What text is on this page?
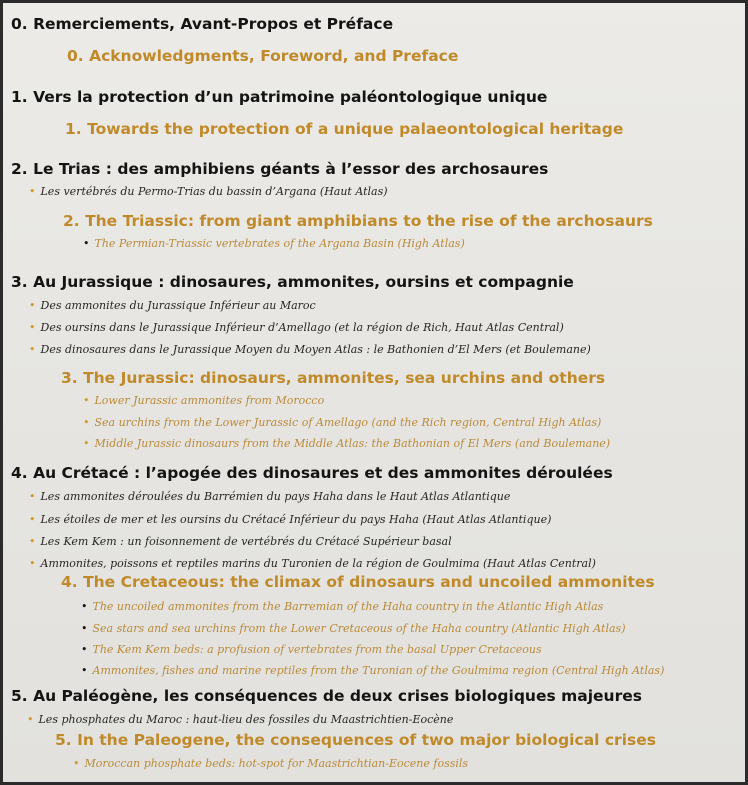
0. Remerciements, Avant-Propos et Préface
0. Acknowledgments, Foreword, and Preface
1. Vers la protection d’un patrimoine paléontologique unique
1. Towards the protection of a unique palaeontological heritage
2. Le Trias : des amphibiens géants à l’essor des archosaures
• Les vertébrés du Permo-Trias du bassin d’Argana (Haut Atlas)
2. The Triassic: from giant amphibians to the rise of the archosaurs
• The Permian-Triassic vertebrates of the Argana Basin (High Atlas)
3. Au Jurassique : dinosaures, ammonites, oursins et compagnie
• Des ammonites du Jurassique Inférieur au Maroc
• Des oursins dans le Jurassique Inférieur d’Amellago (et la région de Rich, Haut Atlas Central)
• Des dinosaures dans le Jurassique Moyen du Moyen Atlas : le Bathonien d’El Mers (et Boulemane)
3. The Jurassic: dinosaurs, ammonites, sea urchins and others
• Lower Jurassic ammonites from Morocco
• Sea urchins from the Lower Jurassic of Amellago (and the Rich region, Central High Atlas)
• Middle Jurassic dinosaurs from the Middle Atlas: the Bathonian of El Mers (and Boulemane)
4. Au Crétacé : l’apogée des dinosaures et des ammonites déroulées
• Les ammonites déroulées du Barrémien du pays Haha dans le Haut Atlas Atlantique
• Les étoiles de mer et les oursins du Crétacé Inférieur du pays Haha (Haut Atlas Atlantique)
• Les Kem Kem : un foisonnement de vertébrés du Crétacé Supérieur basal
• Ammonites, poissons et reptiles marins du Turonien de la région de Goulmima (Haut Atlas Central)
4. The Cretaceous: the climax of dinosaurs and uncoiled ammonites
• The uncoiled ammonites from the Barremian of the Haha country in the Atlantic High Atlas
• Sea stars and sea urchins from the Lower Cretaceous of the Haha country (Atlantic High Atlas)
• The Kem Kem beds: a profusion of vertebrates from the basal Upper Cretaceous
• Ammonites, fishes and marine reptiles from the Turonian of the Goulmima region (Central High Atlas)
5. Au Paléogène, les conséquences de deux crises biologiques majeures
• Les phosphates du Maroc : haut-lieu des fossiles du Maastrichtien-Eocène
5. In the Paleogene, the consequences of two major biological crises
• Moroccan phosphate beds: hot-spot for Maastrichtian-Eocene fossils
